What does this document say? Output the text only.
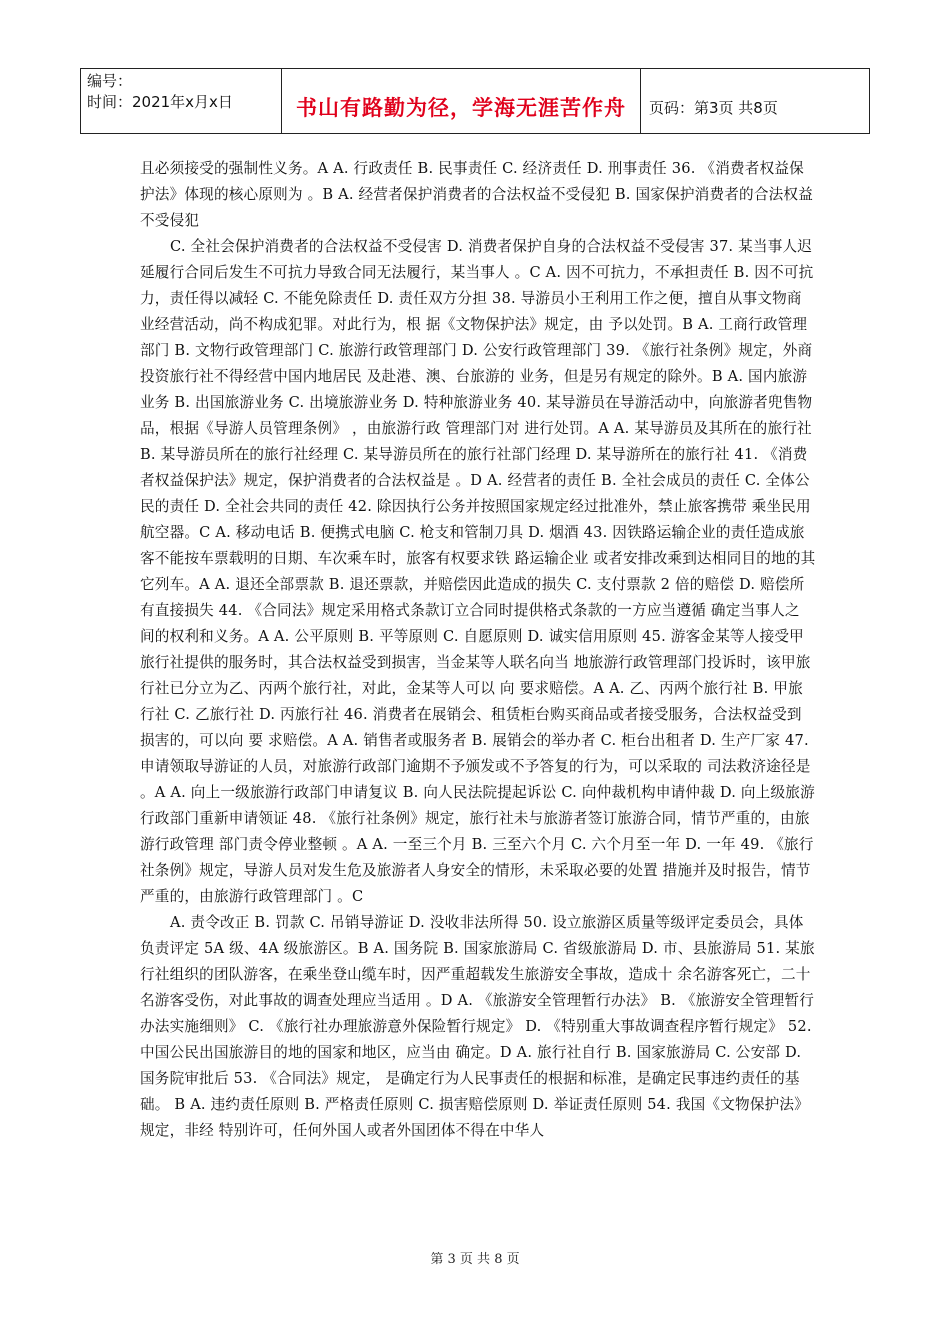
编号：
时间：2021年x月x日	书山有路勤为径，学海无涯苦作舟	页码：第3页 共8页

且必须接受的强制性义务。A A. 行政责任 B. 民事责任 C. 经济责任 D. 刑事责任 36. 《消费者权益保护法》体现的核心原则为 。B A. 经营者保护消费者的合法权益不受侵犯 B. 国家保护消费者的合法权益不受侵犯

C. 全社会保护消费者的合法权益不受侵害 D. 消费者保护自身的合法权益不受侵害 37. 某当事人迟延履行合同后发生不可抗力导致合同无法履行，某当事人 。C A. 因不可抗力，不承担责任 B. 因不可抗力，责任得以减轻 C. 不能免除责任 D. 责任双方分担 38. 导游员小王利用工作之便，擅自从事文物商业经营活动，尚不构成犯罪。对此行为，根 据《文物保护法》规定，由 予以处罚。B A. 工商行政管理部门 B. 文物行政管理部门 C. 旅游行政管理部门 D. 公安行政管理部门 39. 《旅行社条例》规定，外商投资旅行社不得经营中国内地居民 及赴港、澳、台旅游的 业务，但是另有规定的除外。B A. 国内旅游业务 B. 出国旅游业务 C. 出境旅游业务 D. 特种旅游业务 40. 某导游员在导游活动中，向旅游者兜售物品，根据《导游人员管理条例》 ，由旅游行政 管理部门对 进行处罚。A A. 某导游员及其所在的旅行社 B. 某导游员所在的旅行社经理 C. 某导游员所在的旅行社部门经理 D. 某导游所在的旅行社 41. 《消费者权益保护法》规定，保护消费者的合法权益是 。D A. 经营者的责任 B. 全社会成员的责任 C. 全体公民的责任 D. 全社会共同的责任 42. 除因执行公务并按照国家规定经过批准外，禁止旅客携带 乘坐民用航空器。C A. 移动电话 B. 便携式电脑 C. 枪支和管制刀具 D. 烟酒 43. 因铁路运输企业的责任造成旅客不能按车票载明的日期、车次乘车时，旅客有权要求铁 路运输企业 或者安排改乘到达相同目的地的其它列车。A A. 退还全部票款 B. 退还票款，并赔偿因此造成的损失 C. 支付票款 2 倍的赔偿 D. 赔偿所有直接损失 44. 《合同法》规定采用格式条款订立合同时提供格式条款的一方应当遵循 确定当事人之 间的权利和义务。A A. 公平原则 B. 平等原则 C. 自愿原则 D. 诚实信用原则 45. 游客金某等人接受甲旅行社提供的服务时，其合法权益受到损害，当金某等人联名向当 地旅游行政管理部门投诉时，该甲旅行社已分立为乙、丙两个旅行社，对此，金某等人可以 向 要求赔偿。A A. 乙、丙两个旅行社 B. 甲旅行社 C. 乙旅行社 D. 丙旅行社 46. 消费者在展销会、租赁柜台购买商品或者接受服务，合法权益受到损害的，可以向 要 求赔偿。A A. 销售者或服务者 B. 展销会的举办者 C. 柜台出租者 D. 生产厂家 47. 申请领取导游证的人员，对旅游行政部门逾期不予颁发或不予答复的行为，可以采取的 司法救济途径是 。A A. 向上一级旅游行政部门申请复议 B. 向人民法院提起诉讼 C. 向仲裁机构申请仲裁 D. 向上级旅游行政部门重新申请领证 48. 《旅行社条例》规定，旅行社未与旅游者签订旅游合同，情节严重的，由旅游行政管理 部门责令停业整顿 。A A. 一至三个月 B. 三至六个月 C. 六个月至一年 D. 一年 49. 《旅行社条例》规定，导游人员对发生危及旅游者人身安全的情形，未采取必要的处置 措施并及时报告，情节严重的，由旅游行政管理部门 。C

A. 责令改正 B. 罚款 C. 吊销导游证 D. 没收非法所得 50. 设立旅游区质量等级评定委员会，具体负责评定 5A 级、4A 级旅游区。B A. 国务院 B. 国家旅游局 C. 省级旅游局 D. 市、县旅游局 51. 某旅行社组织的团队游客，在乘坐登山缆车时，因严重超载发生旅游安全事故，造成十 余名游客死亡，二十名游客受伤，对此事故的调查处理应当适用 。D A. 《旅游安全管理暂行办法》 B. 《旅游安全管理暂行办法实施细则》 C. 《旅行社办理旅游意外保险暂行规定》 D. 《特别重大事故调查程序暂行规定》 52. 中国公民出国旅游目的地的国家和地区，应当由 确定。D A. 旅行社自行 B. 国家旅游局 C. 公安部 D. 国务院审批后 53. 《合同法》规定， 是确定行为人民事责任的根据和标准，是确定民事违约责任的基础。 B A. 违约责任原则 B. 严格责任原则 C. 损害赔偿原则 D. 举证责任原则 54. 我国《文物保护法》规定，非经 特别许可，任何外国人或者外国团体不得在中华人

第 3 页 共 8 页
